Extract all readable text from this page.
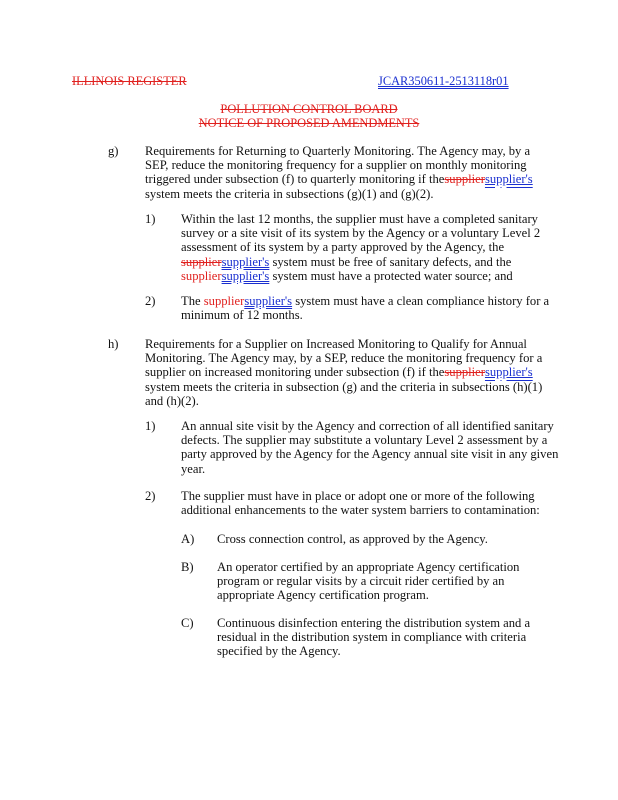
ILLINOIS REGISTER	JCAR350611-2513118r01
POLLUTION CONTROL BOARD
NOTICE OF PROPOSED AMENDMENTS
g) Requirements for Returning to Quarterly Monitoring. The Agency may, by a
SEP, reduce the monitoring frequency for a supplier on monthly monitoring
triggered under subsection (f) to quarterly monitoring if thesuppliersupplier's
system meets the criteria in subsections (g)(1) and (g)(2).
1) Within the last 12 months, the supplier must have a completed sanitary
survey or a site visit of its system by the Agency or a voluntary Level 2
assessment of its system by a party approved by the Agency, the
suppliersupplier's system must be free of sanitary defects, and the
suppliersupplier's system must have a protected water source; and
2) The suppliersupplier's system must have a clean compliance history for a
minimum of 12 months.
h) Requirements for a Supplier on Increased Monitoring to Qualify for Annual
Monitoring. The Agency may, by a SEP, reduce the monitoring frequency for a
supplier on increased monitoring under subsection (f) if thesuppliersupplier's
system meets the criteria in subsection (g) and the criteria in subsections (h)(1)
and (h)(2).
1) An annual site visit by the Agency and correction of all identified sanitary
defects. The supplier may substitute a voluntary Level 2 assessment by a
party approved by the Agency for the Agency annual site visit in any given
year.
2) The supplier must have in place or adopt one or more of the following
additional enhancements to the water system barriers to contamination:
A) Cross connection control, as approved by the Agency.
B) An operator certified by an appropriate Agency certification
program or regular visits by a circuit rider certified by an
appropriate Agency certification program.
C) Continuous disinfection entering the distribution system and a
residual in the distribution system in compliance with criteria
specified by the Agency.
